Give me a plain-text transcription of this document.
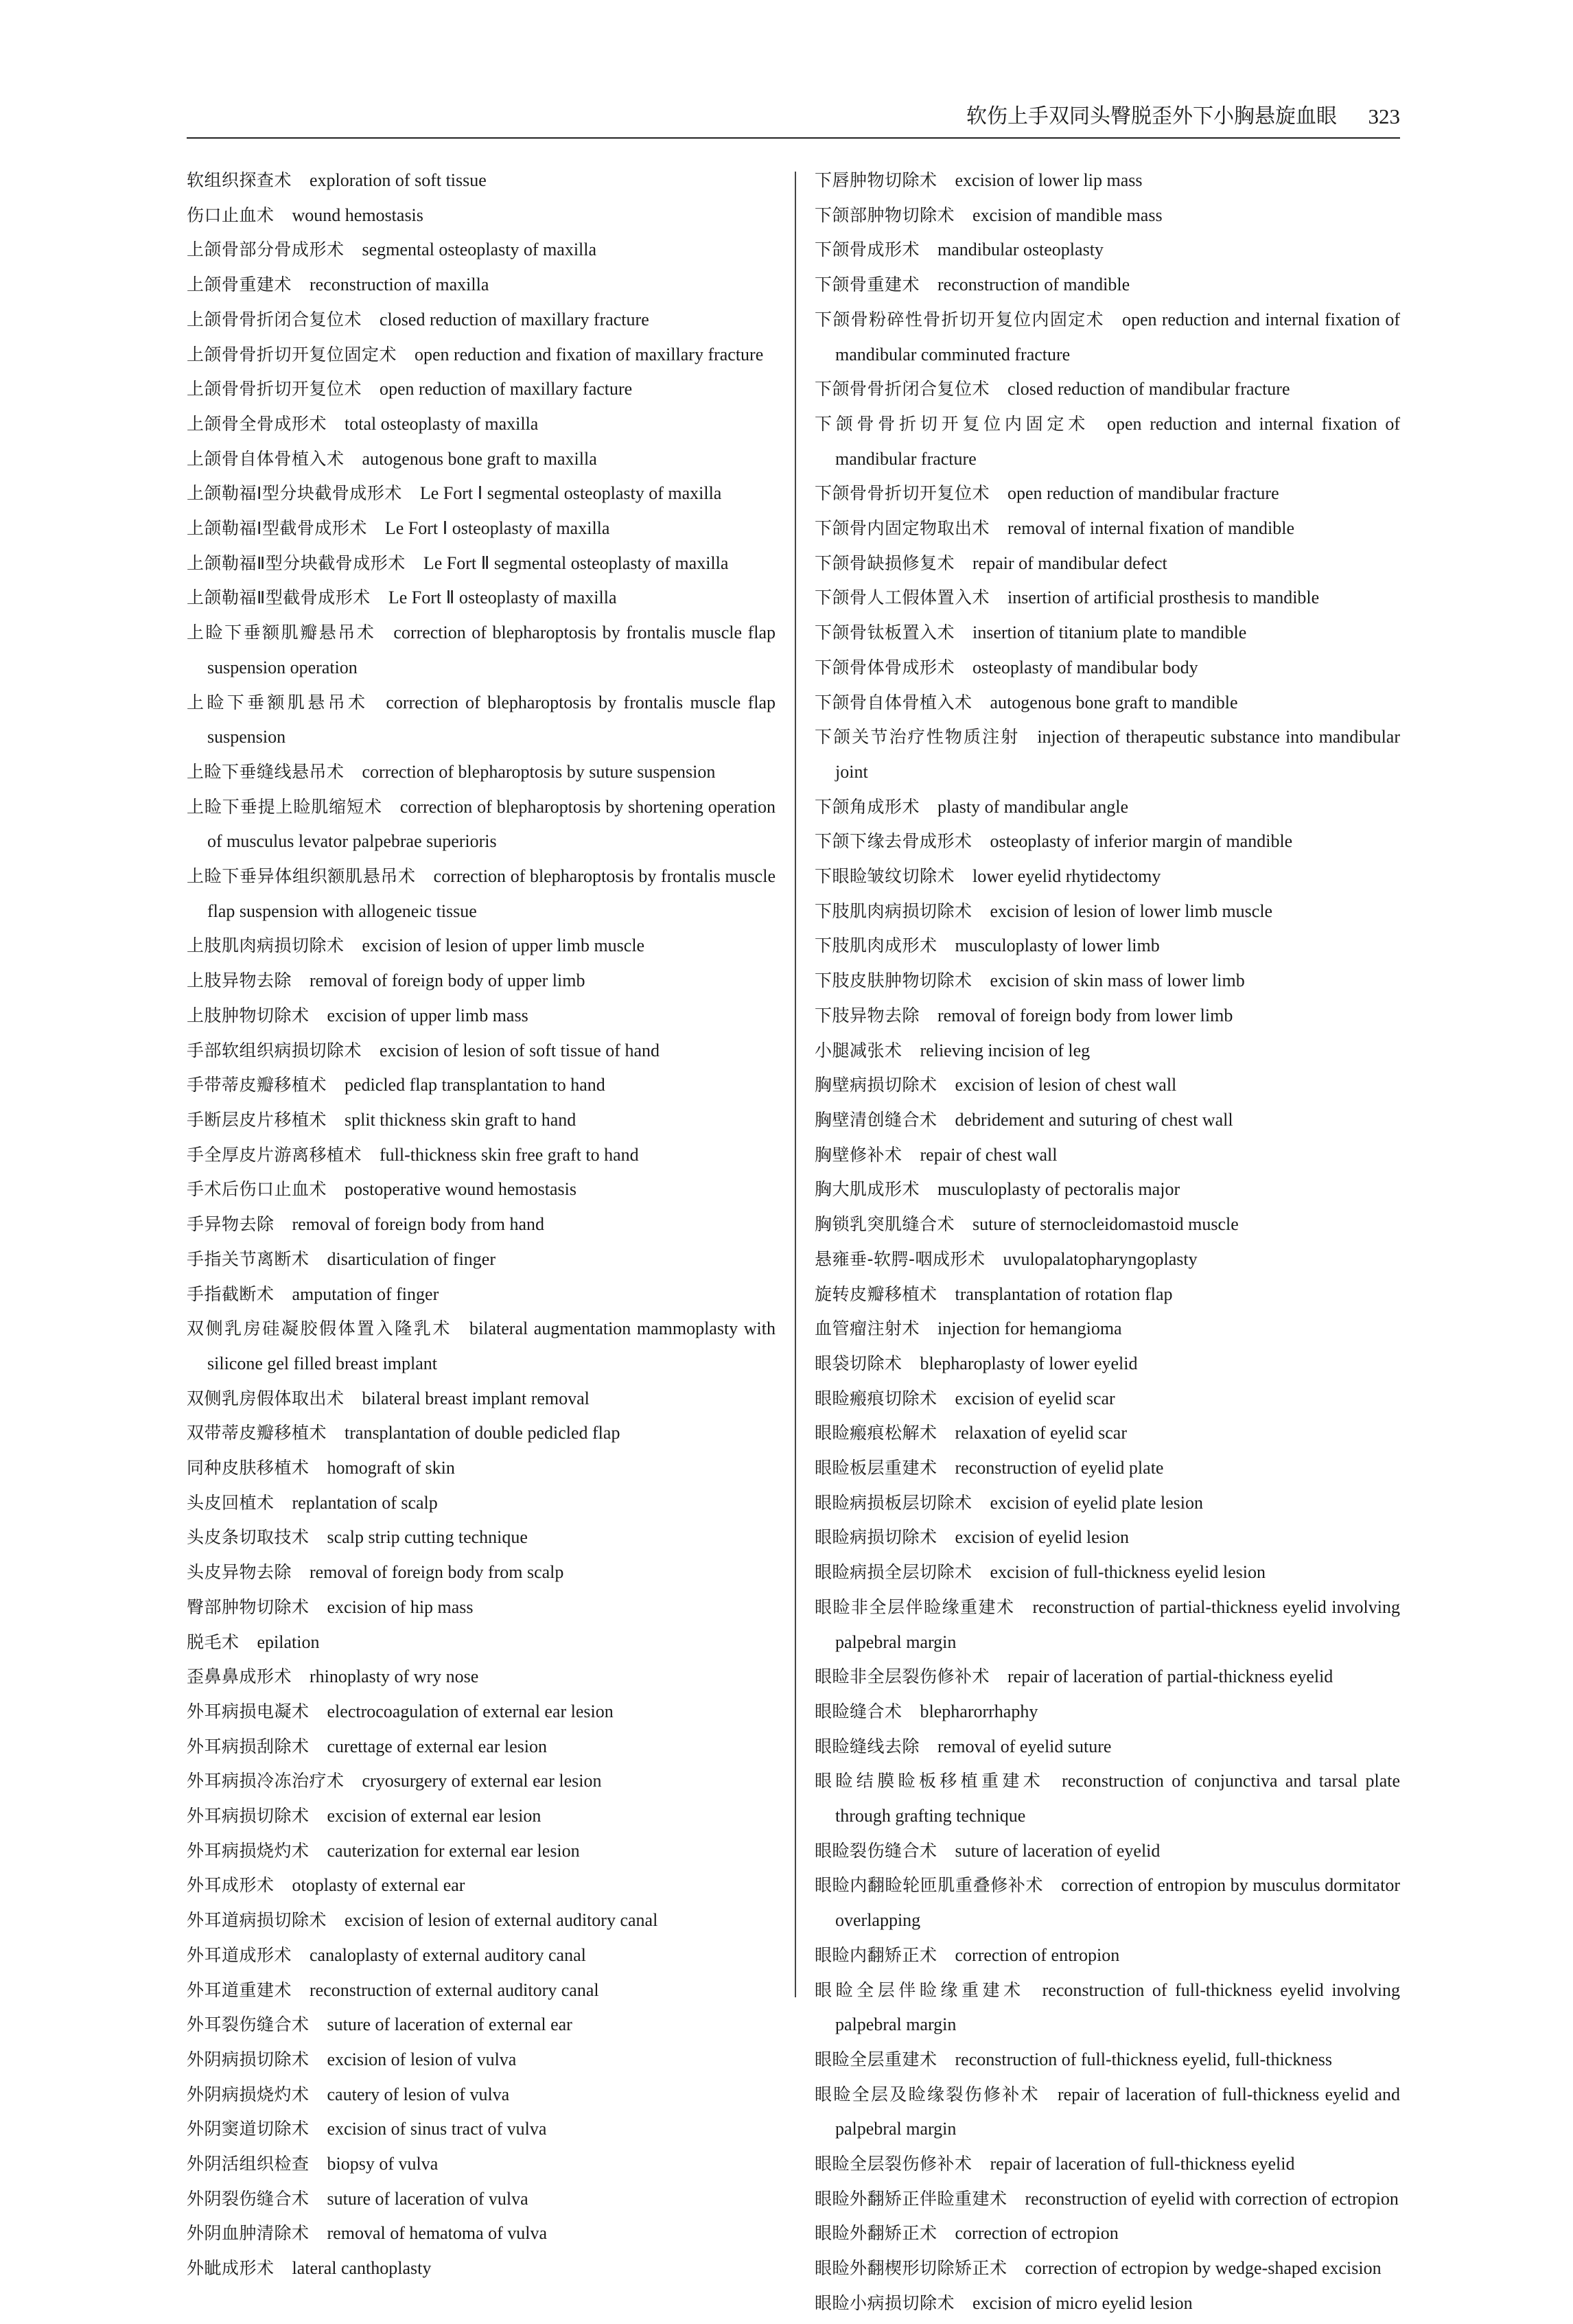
软伤上手双同头臀脱歪外下小胸悬旋血眼 323
软组织探查术 exploration of soft tissue
伤口止血术 wound hemostasis
上颌骨部分骨成形术 segmental osteoplasty of maxilla
上颌骨重建术 reconstruction of maxilla
上颌骨骨折闭合复位术 closed reduction of maxillary fracture
上颌骨骨折切开复位固定术 open reduction and fixation of maxillary fracture
上颌骨骨折切开复位术 open reduction of maxillary facture
上颌骨全骨成形术 total osteoplasty of maxilla
上颌骨自体骨植入术 autogenous bone graft to maxilla
上颌勒福Ⅰ型分块截骨成形术 Le Fort Ⅰ segmental osteoplasty of maxilla
上颌勒福Ⅰ型截骨成形术 Le Fort Ⅰ osteoplasty of maxilla
上颌勒福Ⅱ型分块截骨成形术 Le Fort Ⅱ segmental osteoplasty of maxilla
上颌勒福Ⅱ型截骨成形术 Le Fort Ⅱ osteoplasty of maxilla
上睑下垂额肌瓣悬吊术 correction of blepharoptosis by frontalis muscle flap suspension operation
上睑下垂额肌悬吊术 correction of blepharoptosis by frontalis muscle flap suspension
上睑下垂缝线悬吊术 correction of blepharoptosis by suture suspension
上睑下垂提上睑肌缩短术 correction of blepharoptosis by shortening operation of musculus levator palpebrae superioris
上睑下垂异体组织额肌悬吊术 correction of blepharoptosis by frontalis muscle flap suspension with allogeneic tissue
上肢肌肉病损切除术 excision of lesion of upper limb muscle
上肢异物去除 removal of foreign body of upper limb
上肢肿物切除术 excision of upper limb mass
手部软组织病损切除术 excision of lesion of soft tissue of hand
手带蒂皮瓣移植术 pedicled flap transplantation to hand
手断层皮片移植术 split thickness skin graft to hand
手全厚皮片游离移植术 full-thickness skin free graft to hand
手术后伤口止血术 postoperative wound hemostasis
手异物去除 removal of foreign body from hand
手指关节离断术 disarticulation of finger
手指截断术 amputation of finger
双侧乳房硅凝胶假体置入隆乳术 bilateral augmentation mammoplasty with silicone gel filled breast implant
双侧乳房假体取出术 bilateral breast implant removal
双带蒂皮瓣移植术 transplantation of double pedicled flap
同种皮肤移植术 homograft of skin
头皮回植术 replantation of scalp
头皮条切取技术 scalp strip cutting technique
头皮异物去除 removal of foreign body from scalp
臀部肿物切除术 excision of hip mass
脱毛术 epilation
歪鼻鼻成形术 rhinoplasty of wry nose
外耳病损电凝术 electrocoagulation of external ear lesion
外耳病损刮除术 curettage of external ear lesion
外耳病损冷冻治疗术 cryosurgery of external ear lesion
外耳病损切除术 excision of external ear lesion
外耳病损烧灼术 cauterization for external ear lesion
外耳成形术 otoplasty of external ear
外耳道病损切除术 excision of lesion of external auditory canal
外耳道成形术 canaloplasty of external auditory canal
外耳道重建术 reconstruction of external auditory canal
外耳裂伤缝合术 suture of laceration of external ear
外阴病损切除术 excision of lesion of vulva
外阴病损烧灼术 cautery of lesion of vulva
外阴窦道切除术 excision of sinus tract of vulva
外阴活组织检查 biopsy of vulva
外阴裂伤缝合术 suture of laceration of vulva
外阴血肿清除术 removal of hematoma of vulva
外眦成形术 lateral canthoplasty
下唇肿物切除术 excision of lower lip mass
下颌部肿物切除术 excision of mandible mass
下颌骨成形术 mandibular osteoplasty
下颌骨重建术 reconstruction of mandible
下颌骨粉碎性骨折切开复位内固定术 open reduction and internal fixation of mandibular comminuted fracture
下颌骨骨折闭合复位术 closed reduction of mandibular fracture
下颌骨骨折切开复位内固定术 open reduction and internal fixation of mandibular fracture
下颌骨骨折切开复位术 open reduction of mandibular fracture
下颌骨内固定物取出术 removal of internal fixation of mandible
下颌骨缺损修复术 repair of mandibular defect
下颌骨人工假体置入术 insertion of artificial prosthesis to mandible
下颌骨钛板置入术 insertion of titanium plate to mandible
下颌骨体骨成形术 osteoplasty of mandibular body
下颌骨自体骨植入术 autogenous bone graft to mandible
下颌关节治疗性物质注射 injection of therapeutic substance into mandibular joint
下颌角成形术 plasty of mandibular angle
下颌下缘去骨成形术 osteoplasty of inferior margin of mandible
下眼睑皱纹切除术 lower eyelid rhytidectomy
下肢肌肉病损切除术 excision of lesion of lower limb muscle
下肢肌肉成形术 musculoplasty of lower limb
下肢皮肤肿物切除术 excision of skin mass of lower limb
下肢异物去除 removal of foreign body from lower limb
小腿减张术 relieving incision of leg
胸壁病损切除术 excision of lesion of chest wall
胸壁清创缝合术 debridement and suturing of chest wall
胸壁修补术 repair of chest wall
胸大肌成形术 musculoplasty of pectoralis major
胸锁乳突肌缝合术 suture of sternocleidomastoid muscle
悬雍垂-软腭-咽成形术 uvulopalatopharyngoplasty
旋转皮瓣移植术 transplantation of rotation flap
血管瘤注射术 injection for hemangioma
眼袋切除术 blepharoplasty of lower eyelid
眼睑瘢痕切除术 excision of eyelid scar
眼睑瘢痕松解术 relaxation of eyelid scar
眼睑板层重建术 reconstruction of eyelid plate
眼睑病损板层切除术 excision of eyelid plate lesion
眼睑病损切除术 excision of eyelid lesion
眼睑病损全层切除术 excision of full-thickness eyelid lesion
眼睑非全层伴睑缘重建术 reconstruction of partial-thickness eyelid involving palpebral margin
眼睑非全层裂伤修补术 repair of laceration of partial-thickness eyelid
眼睑缝合术 blepharorrhaphy
眼睑缝线去除 removal of eyelid suture
眼睑结膜睑板移植重建术 reconstruction of conjunctiva and tarsal plate through grafting technique
眼睑裂伤缝合术 suture of laceration of eyelid
眼睑内翻睑轮匝肌重叠修补术 correction of entropion by musculus dormitator overlapping
眼睑内翻矫正术 correction of entropion
眼睑全层伴睑缘重建术 reconstruction of full-thickness eyelid involving palpebral margin
眼睑全层重建术 reconstruction of full-thickness eyelid, full-thickness
眼睑全层及睑缘裂伤修补术 repair of laceration of full-thickness eyelid and palpebral margin
眼睑全层裂伤修补术 repair of laceration of full-thickness eyelid
眼睑外翻矫正伴睑重建术 reconstruction of eyelid with correction of ectropion
眼睑外翻矫正术 correction of ectropion
眼睑外翻楔形切除矫正术 correction of ectropion by wedge-shaped excision
眼睑小病损切除术 excision of micro eyelid lesion
